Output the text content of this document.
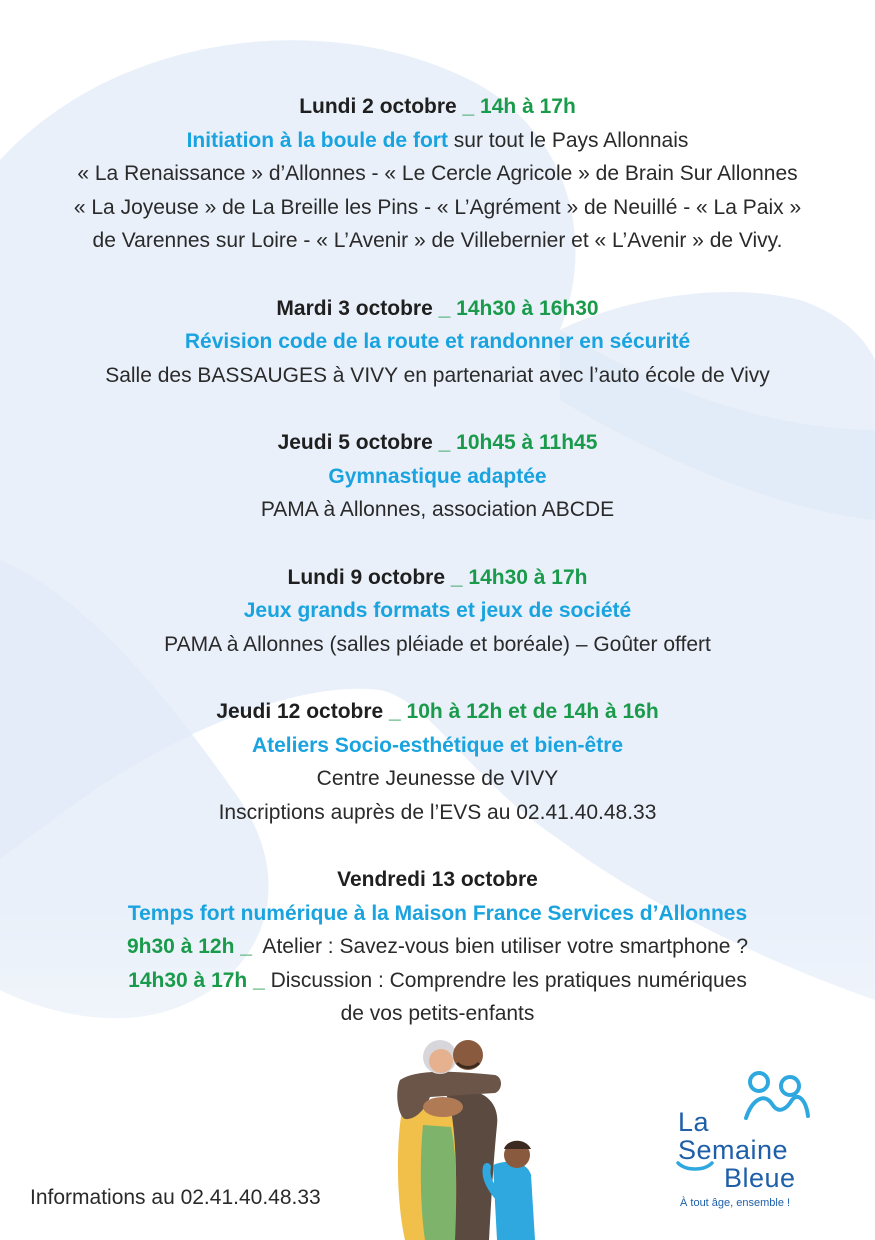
Lundi 2 octobre _ 14h à 17h
Initiation à la boule de fort sur tout le Pays Allonnais
« La Renaissance » d’Allonnes - « Le Cercle Agricole » de Brain Sur Allonnes
« La Joyeuse » de La Breille les Pins - « L’Agrément » de Neuillé - « La Paix »
de Varennes sur Loire - « L’Avenir » de Villebernier et « L’Avenir » de Vivy.
Mardi 3 octobre _ 14h30 à 16h30
Révision code de la route et randonner en sécurité
Salle des BASSAUGES à VIVY en partenariat avec l’auto école de Vivy
Jeudi 5 octobre _ 10h45 à 11h45
Gymnastique adaptée
PAMA à Allonnes, association ABCDE
Lundi 9 octobre _ 14h30 à 17h
Jeux grands formats et jeux de société
PAMA à Allonnes (salles pléiade et boréale) – Goûter offert
Jeudi 12 octobre _ 10h à 12h et de 14h à 16h
Ateliers Socio-esthétique et bien-être
Centre Jeunesse de VIVY
Inscriptions auprès de l’EVS au 02.41.40.48.33
Vendredi 13 octobre
Temps fort numérique à la Maison France Services d’Allonnes
9h30 à 12h _  Atelier : Savez-vous bien utiliser votre smartphone ?
14h30 à 17h _ Discussion : Comprendre les pratiques numériques
de vos petits-enfants
Informations au 02.41.40.48.33
La
Semaine
Bleue
À tout âge, ensemble !
